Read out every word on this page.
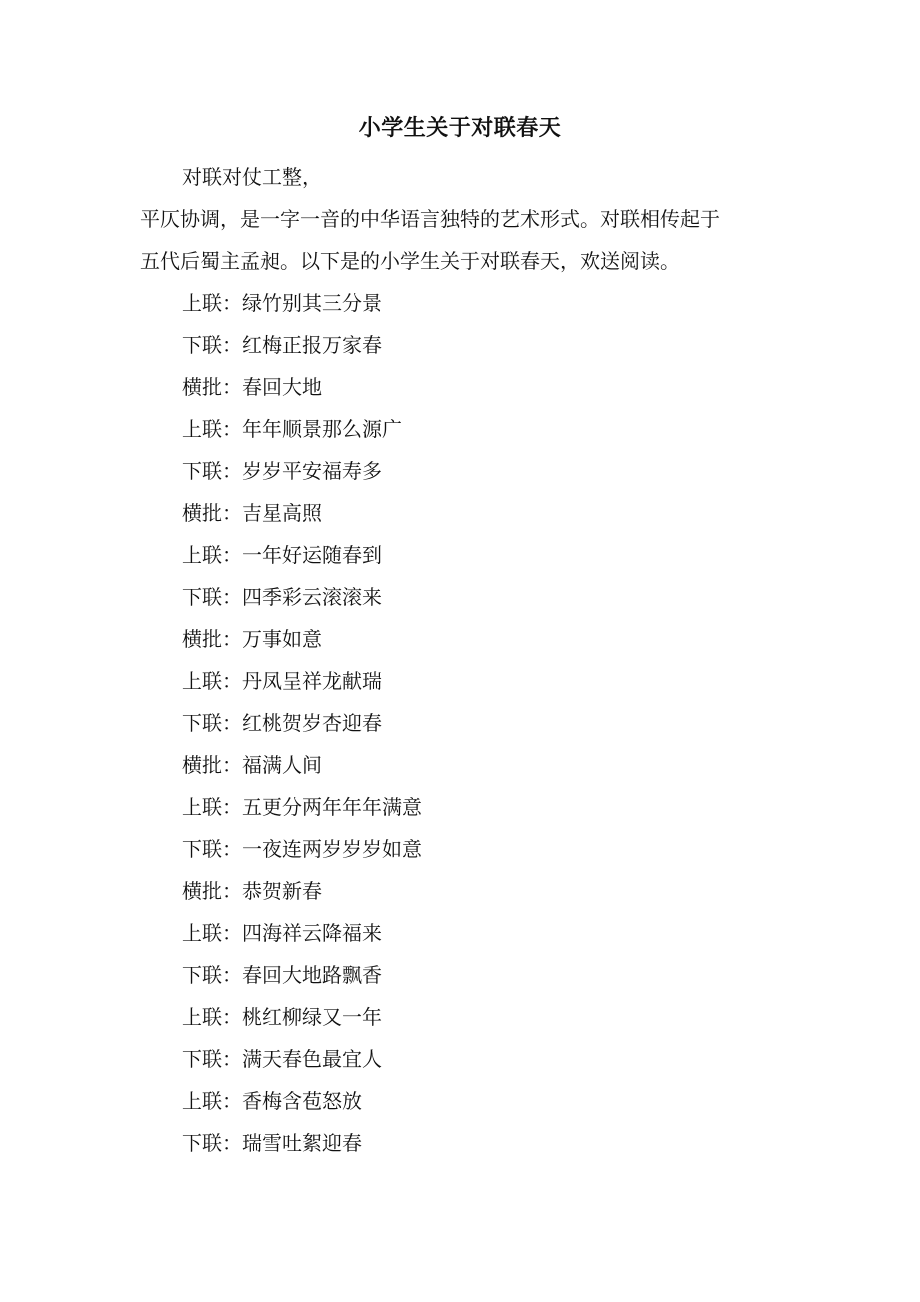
小学生关于对联春天
对联对仗工整，
平仄协调，是一字一音的中华语言独特的艺术形式。对联相传起于
五代后蜀主孟昶。以下是的小学生关于对联春天，欢送阅读。
上联：绿竹别其三分景
下联：红梅正报万家春
横批：春回大地
上联：年年顺景那么源广
下联：岁岁平安福寿多
横批：吉星高照
上联：一年好运随春到
下联：四季彩云滚滚来
横批：万事如意
上联：丹凤呈祥龙献瑞
下联：红桃贺岁杏迎春
横批：福满人间
上联：五更分两年年年满意
下联：一夜连两岁岁岁如意
横批：恭贺新春
上联：四海祥云降福来
下联：春回大地路飘香
上联：桃红柳绿又一年
下联：满天春色最宜人
上联：香梅含苞怒放
下联：瑞雪吐絮迎春
